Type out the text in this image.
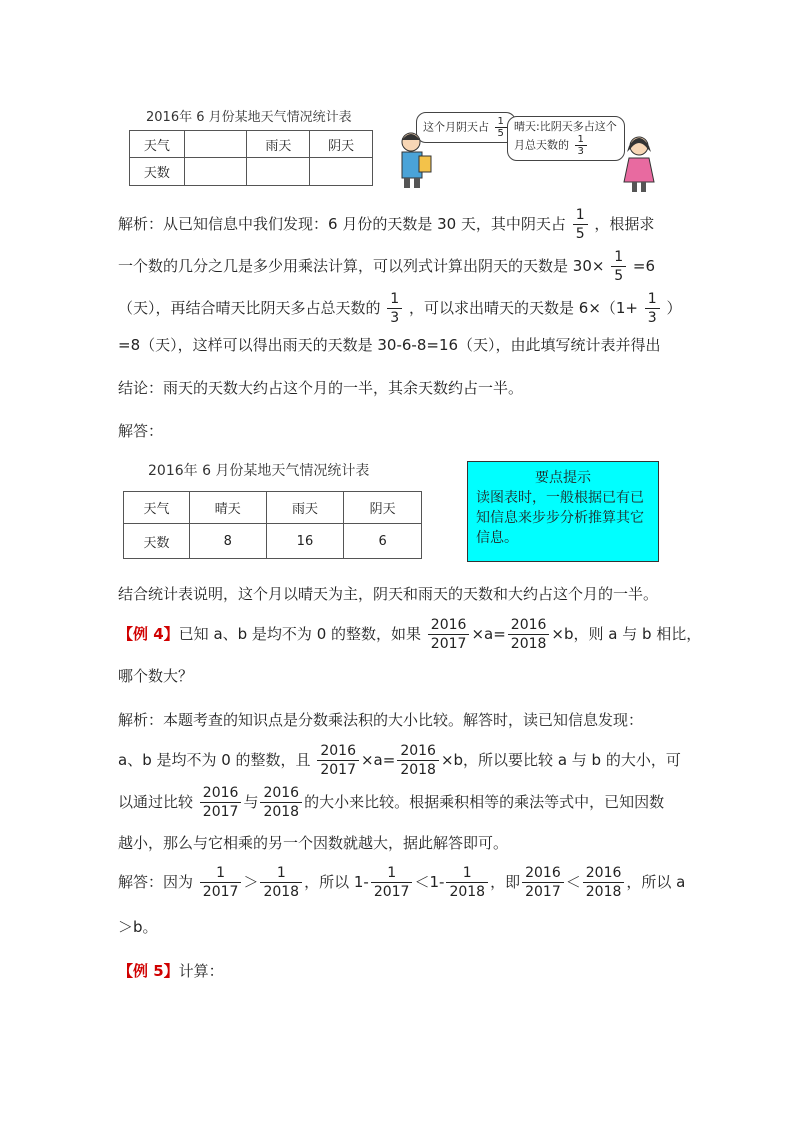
2016年 6 月份某地天气情况统计表
天气		雨天	阴天
天数			
这个月阴天占 $\frac{1}{5}$ 晴天:比阴天多占这个
月总天数的 $\frac{1}{3}$
解析：从已知信息中我们发现：6 月份的天数是 30 天，其中阴天占 $\frac{1}{5}$ ，根据求
一个数的几分之几是多少用乘法计算，可以列式计算出阴天的天数是 $30\times \frac{1}{5} =6$
（天），再结合晴天比阴天多占总天数的 $\frac{1}{3}$ ，可以求出晴天的天数是 $6\times(1+ \frac{1}{3}$ ）
=8（天），这样可以得出雨天的天数是 30-6-8=16（天），由此填写统计表并得出
结论：雨天的天数大约占这个月的一半，其余天数约占一半。
解答：
2016年 6 月份某地天气情况统计表
天气	晴天	雨天	阴天
天数	8	16	6
要点提示
读图表时，一般根据已有已知信息来步步分析推算其它信息。
结合统计表说明，这个月以晴天为主，阴天和雨天的天数和大约占这个月的一半。
【例 4】已知 a、b 是均不为 0 的整数，如果 $\frac{2016}{2017} \times a= \frac{2016}{2018} \times b$，则 a 与 b 相比，
哪个数大？
解析：本题考查的知识点是分数乘法积的大小比较。解答时，读已知信息发现：
a、b 是均不为 0 的整数，且 $\frac{2016}{2017} \times a= \frac{2016}{2018} \times b$，所以要比较 a 与 b 的大小，可
以通过比较 $\frac{2016}{2017}$ 与 $\frac{2016}{2018}$ 的大小来比较。根据乘积相等的乘法等式中，已知因数
越小，那么与它相乘的另一个因数就越大，据此解答即可。
解答：因为 $\frac{1}{2017} > \frac{1}{2018}$ ，所以 $1- \frac{1}{2017} <1- \frac{1}{2018}$ ，即 $\frac{2016}{2017} < \frac{2016}{2018}$ ，所以 a
＞b。
【例 5】计算：
